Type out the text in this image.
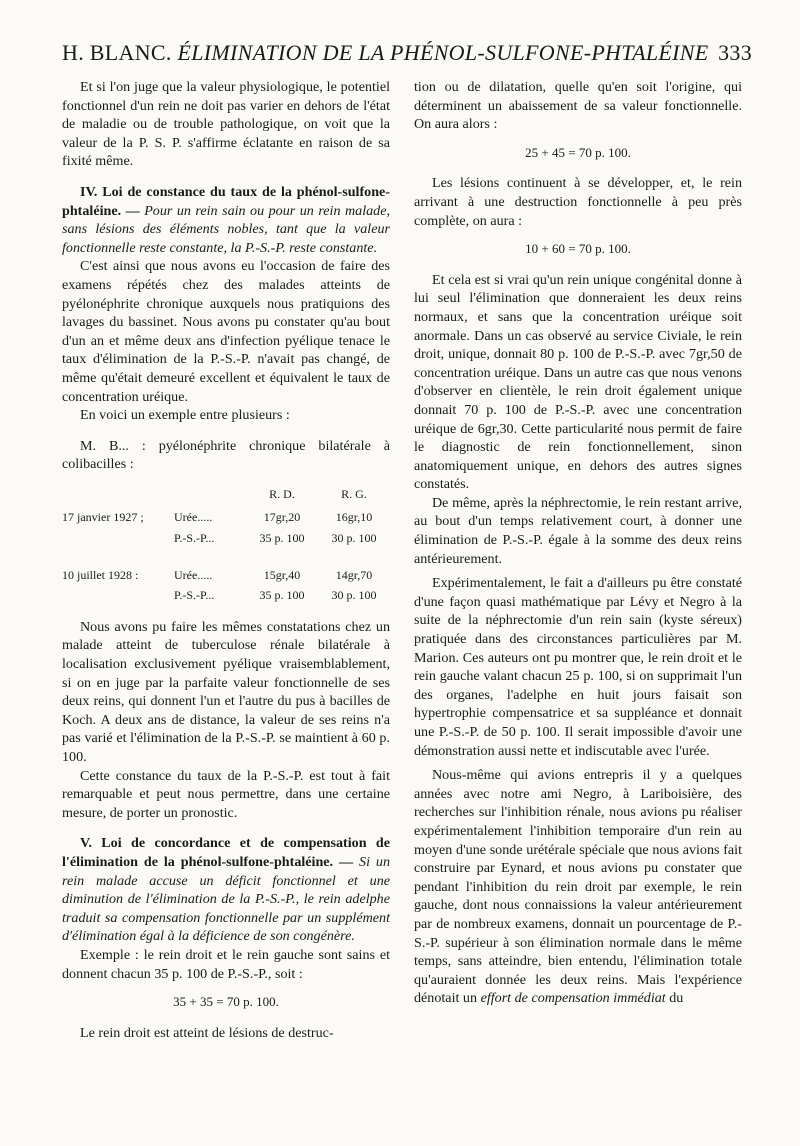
H. BLANC. ÉLIMINATION DE LA PHÉNOL-SULFONE-PHTALÉINE 333

Et si l'on juge que la valeur physiologique, le potentiel fonctionnel d'un rein ne doit pas varier en dehors de l'état de maladie ou de trouble pathologique, on voit que la valeur de la P. S. P. s'affirme éclatante en raison de sa fixité même.

IV. Loi de constance du taux de la phénol-sulfone-phtaléine. — Pour un rein sain ou pour un rein malade, sans lésions des éléments nobles, tant que la valeur fonctionnelle reste constante, la P.-S.-P. reste constante.

C'est ainsi que nous avons eu l'occasion de faire des examens répétés chez des malades atteints de pyélonéphrite chronique auxquels nous pratiquions des lavages du bassinet. Nous avons pu constater qu'au bout d'un an et même deux ans d'infection pyélique tenace le taux d'élimination de la P.-S.-P. n'avait pas changé, de même qu'était demeuré excellent et équivalent le taux de concentration uréique.

En voici un exemple entre plusieurs :

M. B... : pyélonéphrite chronique bilatérale à colibacilles :

		R. D.	R. G.
17 janvier 1927 ;	Urée.....	17gr,20	16gr,10
	P.-S.-P...	35 p. 100	30 p. 100

10 juillet 1928 :	Urée.....	15gr,40	14gr,70
	P.-S.-P...	35 p. 100	30 p. 100

Nous avons pu faire les mêmes constatations chez un malade atteint de tuberculose rénale bilatérale à localisation exclusivement pyélique vraisemblablement, si on en juge par la parfaite valeur fonctionnelle de ses deux reins, qui donnent l'un et l'autre du pus à bacilles de Koch. A deux ans de distance, la valeur de ses reins n'a pas varié et l'élimination de la P.-S.-P. se maintient à 60 p. 100.

Cette constance du taux de la P.-S.-P. est tout à fait remarquable et peut nous permettre, dans une certaine mesure, de porter un pronostic.

V. Loi de concordance et de compensation de l'élimination de la phénol-sulfone-phtaléine. — Si un rein malade accuse un déficit fonctionnel et une diminution de l'élimination de la P.-S.-P., le rein adelphe traduit sa compensation fonctionnelle par un supplément d'élimination égal à la déficience de son congénère.

Exemple : le rein droit et le rein gauche sont sains et donnent chacun 35 p. 100 de P.-S.-P., soit :

35 + 35 = 70 p. 100.

Le rein droit est atteint de lésions de destruc-

tion ou de dilatation, quelle qu'en soit l'origine, qui déterminent un abaissement de sa valeur fonctionnelle. On aura alors :

25 + 45 = 70 p. 100.

Les lésions continuent à se développer, et, le rein arrivant à une destruction fonctionnelle à peu près complète, on aura :

10 + 60 = 70 p. 100.

Et cela est si vrai qu'un rein unique congénital donne à lui seul l'élimination que donneraient les deux reins normaux, et sans que la concentration uréique soit anormale. Dans un cas observé au service Civiale, le rein droit, unique, donnait 80 p. 100 de P.-S.-P. avec 7gr,50 de concentration uréique. Dans un autre cas que nous venons d'observer en clientèle, le rein droit également unique donnait 70 p. 100 de P.-S.-P. avec une concentration uréique de 6gr,30. Cette particularité nous permit de faire le diagnostic de rein fonctionnellement, sinon anatomiquement unique, en dehors des autres signes constatés.

De même, après la néphrectomie, le rein restant arrive, au bout d'un temps relativement court, à donner une élimination de P.-S.-P. égale à la somme des deux reins antérieurement.

Expérimentalement, le fait a d'ailleurs pu être constaté d'une façon quasi mathématique par Lévy et Negro à la suite de la néphrectomie d'un rein sain (kyste séreux) pratiquée dans des circonstances particulières par M. Marion. Ces auteurs ont pu montrer que, le rein droit et le rein gauche valant chacun 25 p. 100, si on supprimait l'un des organes, l'adelphe en huit jours faisait son hypertrophie compensatrice et sa suppléance et donnait une P.-S.-P. de 50 p. 100. Il serait impossible d'avoir une démonstration aussi nette et indiscutable avec l'urée.

Nous-même qui avions entrepris il y a quelques années avec notre ami Negro, à Lariboisière, des recherches sur l'inhibition rénale, nous avions pu réaliser expérimentalement l'inhibition temporaire d'un rein au moyen d'une sonde urétérale spéciale que nous avions fait construire par Eynard, et nous avions pu constater que pendant l'inhibition du rein droit par exemple, le rein gauche, dont nous connaissions la valeur antérieurement par de nombreux examens, donnait un pourcentage de P.-S.-P. supérieur à son élimination normale dans le même temps, sans atteindre, bien entendu, l'élimination totale qu'auraient donnée les deux reins. Mais l'expérience dénotait un effort de compensation immédiat du
